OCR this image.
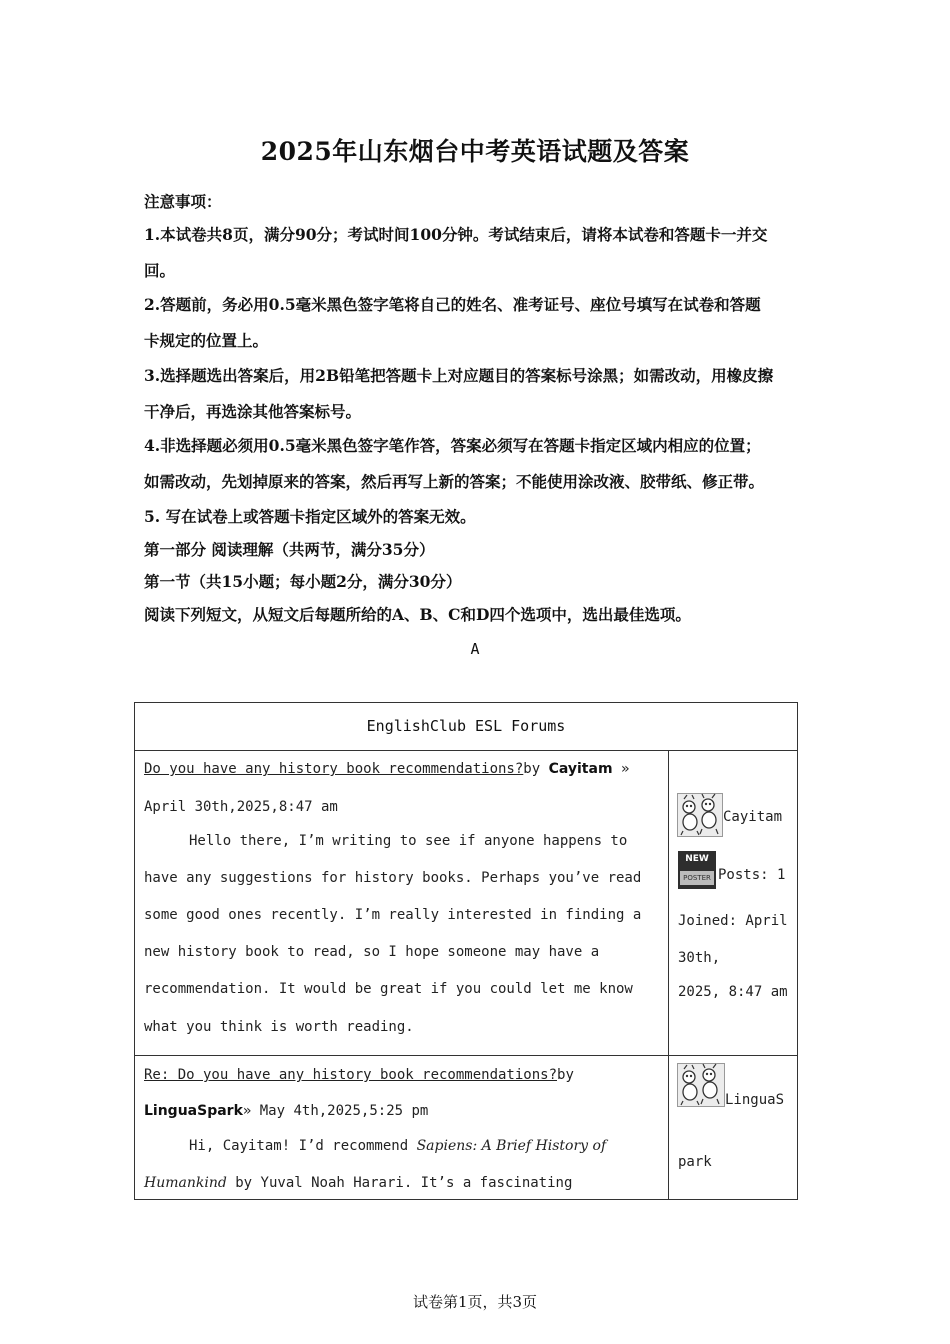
2025年山东烟台中考英语试题及答案
注意事项：
1.本试卷共8页，满分90分；考试时间100分钟。考试结束后，请将本试卷和答题卡一并交
回。
2.答题前，务必用0.5毫米黑色签字笔将自己的姓名、准考证号、座位号填写在试卷和答题
卡规定的位置上。
3.选择题选出答案后，用2B铅笔把答题卡上对应题目的答案标号涂黑；如需改动，用橡皮擦
干净后，再选涂其他答案标号。
4.非选择题必须用0.5毫米黑色签字笔作答，答案必须写在答题卡指定区域内相应的位置；
如需改动，先划掉原来的答案，然后再写上新的答案；不能使用涂改液、胶带纸、修正带。
5. 写在试卷上或答题卡指定区域外的答案无效。
第一部分 阅读理解（共两节，满分35分）
第一节（共15小题；每小题2分，满分30分）
阅读下列短文，从短文后每题所给的A、B、C和D四个选项中，选出最佳选项。
A
EnglishClub ESL Forums
Do you have any history book recommendations?by Cayitam »
April 30th,2025,8:47 am
Hello there, I’m writing to see if anyone happens to
have any suggestions for history books. Perhaps you’ve read
some good ones recently. I’m really interested in finding a
new history book to read, so I hope someone may have a
recommendation. It would be great if you could let me know
what you think is worth reading.
Cayitam
NEW
POSTER Posts: 1
Joined: April
30th,
2025, 8:47 am
Re: Do you have any history book recommendations?by
LinguaSpark» May 4th,2025,5:25 pm
Hi, Cayitam! I’d recommend Sapiens: A Brief History of
Humankind by Yuval Noah Harari. It’s a fascinating
LinguaS
park
试卷第1页，共3页
